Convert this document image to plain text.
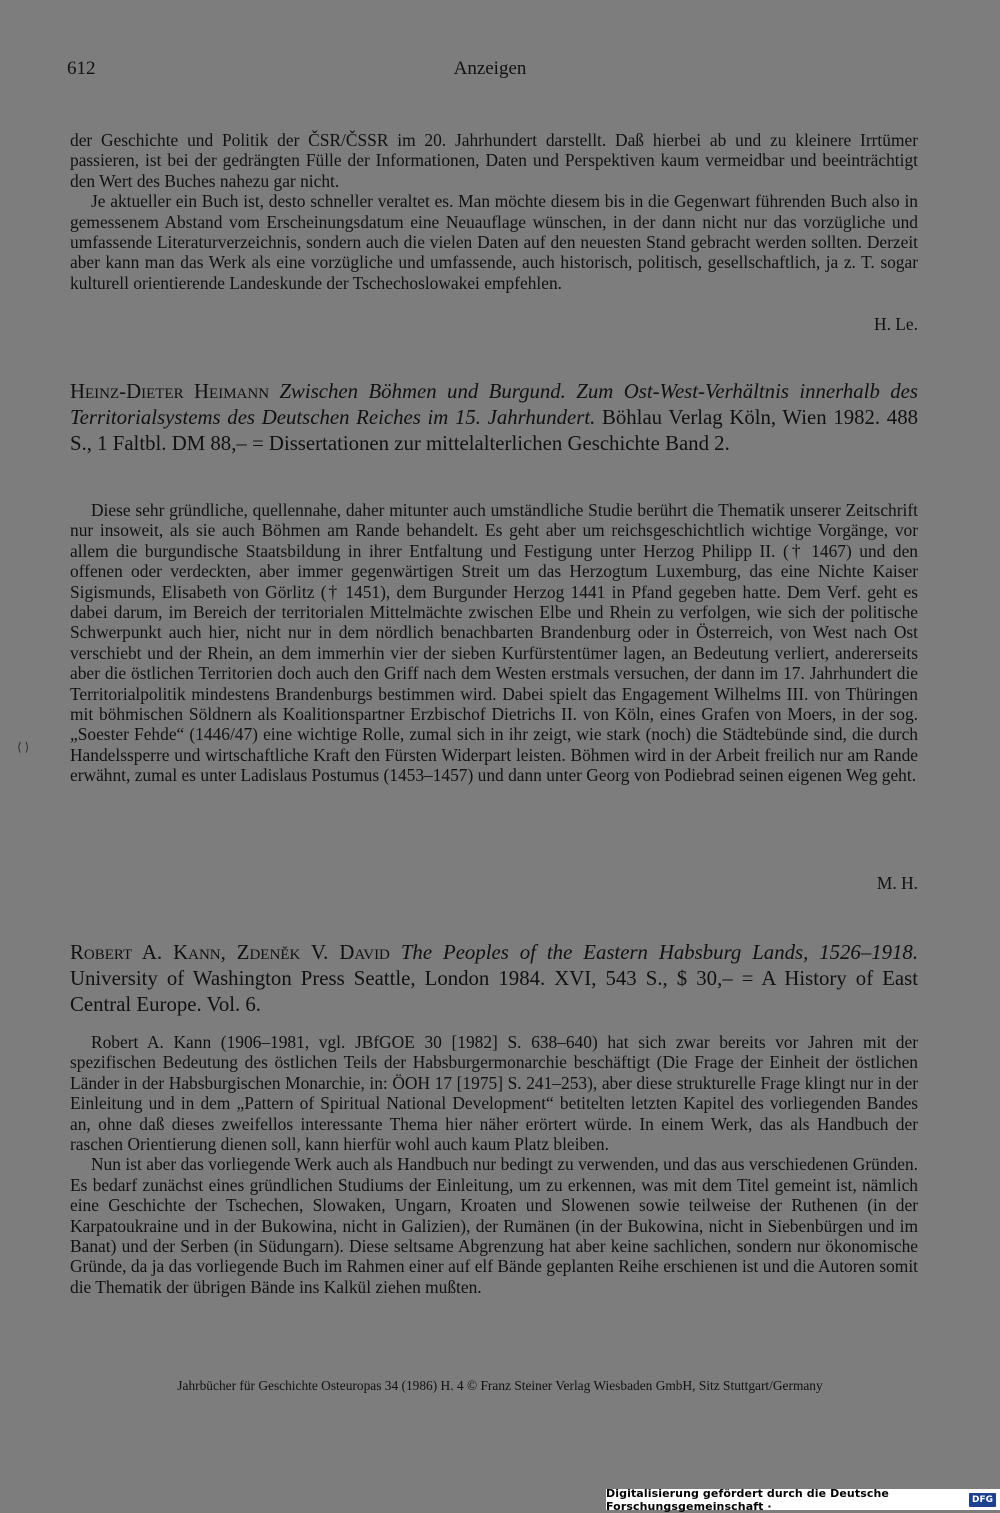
612	Anzeigen

der Geschichte und Politik der ČSR/ČSSR im 20. Jahrhundert darstellt. Daß hierbei ab und zu kleinere Irrtümer passieren, ist bei der gedrängten Fülle der Informationen, Daten und Perspektiven kaum vermeidbar und beeinträchtigt den Wert des Buches nahezu gar nicht.

Je aktueller ein Buch ist, desto schneller veraltet es. Man möchte diesem bis in die Gegenwart führenden Buch also in gemessenem Abstand vom Erscheinungsdatum eine Neuauflage wünschen, in der dann nicht nur das vorzügliche und umfassende Literaturverzeichnis, sondern auch die vielen Daten auf den neuesten Stand gebracht werden sollten. Derzeit aber kann man das Werk als eine vorzügliche und umfassende, auch historisch, politisch, gesellschaftlich, ja z. T. sogar kulturell orientierende Landeskunde der Tschechoslowakei empfehlen.

H. Le.
Heinz-Dieter Heimann Zwischen Böhmen und Burgund. Zum Ost-West-Verhältnis innerhalb des Territorialsystems des Deutschen Reiches im 15. Jahrhundert. Böhlau Verlag Köln, Wien 1982. 488 S., 1 Faltbl. DM 88,– = Dissertationen zur mittelalterlichen Geschichte Band 2.

Diese sehr gründliche, quellennahe, daher mitunter auch umständliche Studie berührt die Thematik unserer Zeitschrift nur insoweit, als sie auch Böhmen am Rande behandelt. Es geht aber um reichsgeschichtlich wichtige Vorgänge, vor allem die burgundische Staatsbildung in ihrer Entfaltung und Festigung unter Herzog Philipp II. († 1467) und den offenen oder verdeckten, aber immer gegenwärtigen Streit um das Herzogtum Luxemburg, das eine Nichte Kaiser Sigismunds, Elisabeth von Görlitz († 1451), dem Burgunder Herzog 1441 in Pfand gegeben hatte. Dem Verf. geht es dabei darum, im Bereich der territorialen Mittelmächte zwischen Elbe und Rhein zu verfolgen, wie sich der politische Schwerpunkt auch hier, nicht nur in dem nördlich benachbarten Brandenburg oder in Österreich, von West nach Ost verschiebt und der Rhein, an dem immerhin vier der sieben Kurfürstentümer lagen, an Bedeutung verliert, andererseits aber die östlichen Territorien doch auch den Griff nach dem Westen erstmals versuchen, der dann im 17. Jahrhundert die Territorialpolitik mindestens Brandenburgs bestimmen wird. Dabei spielt das Engagement Wilhelms III. von Thüringen mit böhmischen Söldnern als Koalitionspartner Erzbischof Dietrichs II. von Köln, eines Grafen von Moers, in der sog. „Soester Fehde“ (1446/47) eine wichtige Rolle, zumal sich in ihr zeigt, wie stark (noch) die Städtebünde sind, die durch Handelssperre und wirtschaftliche Kraft den Fürsten Widerpart leisten. Böhmen wird in der Arbeit freilich nur am Rande erwähnt, zumal es unter Ladislaus Postumus (1453–1457) und dann unter Georg von Podiebrad seinen eigenen Weg geht.

M. H.
Robert A. Kann, Zdeněk V. David The Peoples of the Eastern Habsburg Lands, 1526–1918. University of Washington Press Seattle, London 1984. XVI, 543 S., $ 30,– = A History of East Central Europe. Vol. 6.

Robert A. Kann (1906–1981, vgl. JBfGOE 30 [1982] S. 638–640) hat sich zwar bereits vor Jahren mit der spezifischen Bedeutung des östlichen Teils der Habsburgermonarchie beschäftigt (Die Frage der Einheit der östlichen Länder in der Habsburgischen Monarchie, in: ÖOH 17 [1975] S. 241–253), aber diese strukturelle Frage klingt nur in der Einleitung und in dem „Pattern of Spiritual National Development“ betitelten letzten Kapitel des vorliegenden Bandes an, ohne daß dieses zweifellos interessante Thema hier näher erörtert würde. In einem Werk, das als Handbuch der raschen Orientierung dienen soll, kann hierfür wohl auch kaum Platz bleiben.

Nun ist aber das vorliegende Werk auch als Handbuch nur bedingt zu verwenden, und das aus verschiedenen Gründen. Es bedarf zunächst eines gründlichen Studiums der Einleitung, um zu erkennen, was mit dem Titel gemeint ist, nämlich eine Geschichte der Tschechen, Slowaken, Ungarn, Kroaten und Slowenen sowie teilweise der Ruthenen (in der Karpatoukraine und in der Bukowina, nicht in Galizien), der Rumänen (in der Bukowina, nicht in Siebenbürgen und im Banat) und der Serben (in Südungarn). Diese seltsame Abgrenzung hat aber keine sachlichen, sondern nur ökonomische Gründe, da ja das vorliegende Buch im Rahmen einer auf elf Bände geplanten Reihe erschienen ist und die Autoren somit die Thematik der übrigen Bände ins Kalkül ziehen mußten.

Jahrbücher für Geschichte Osteuropas 34 (1986) H. 4 © Franz Steiner Verlag Wiesbaden GmbH, Sitz Stuttgart/Germany
⟨ ⟩
Digitalisierung gefördert durch die Deutsche Forschungsgemeinschaft ·	DFG
